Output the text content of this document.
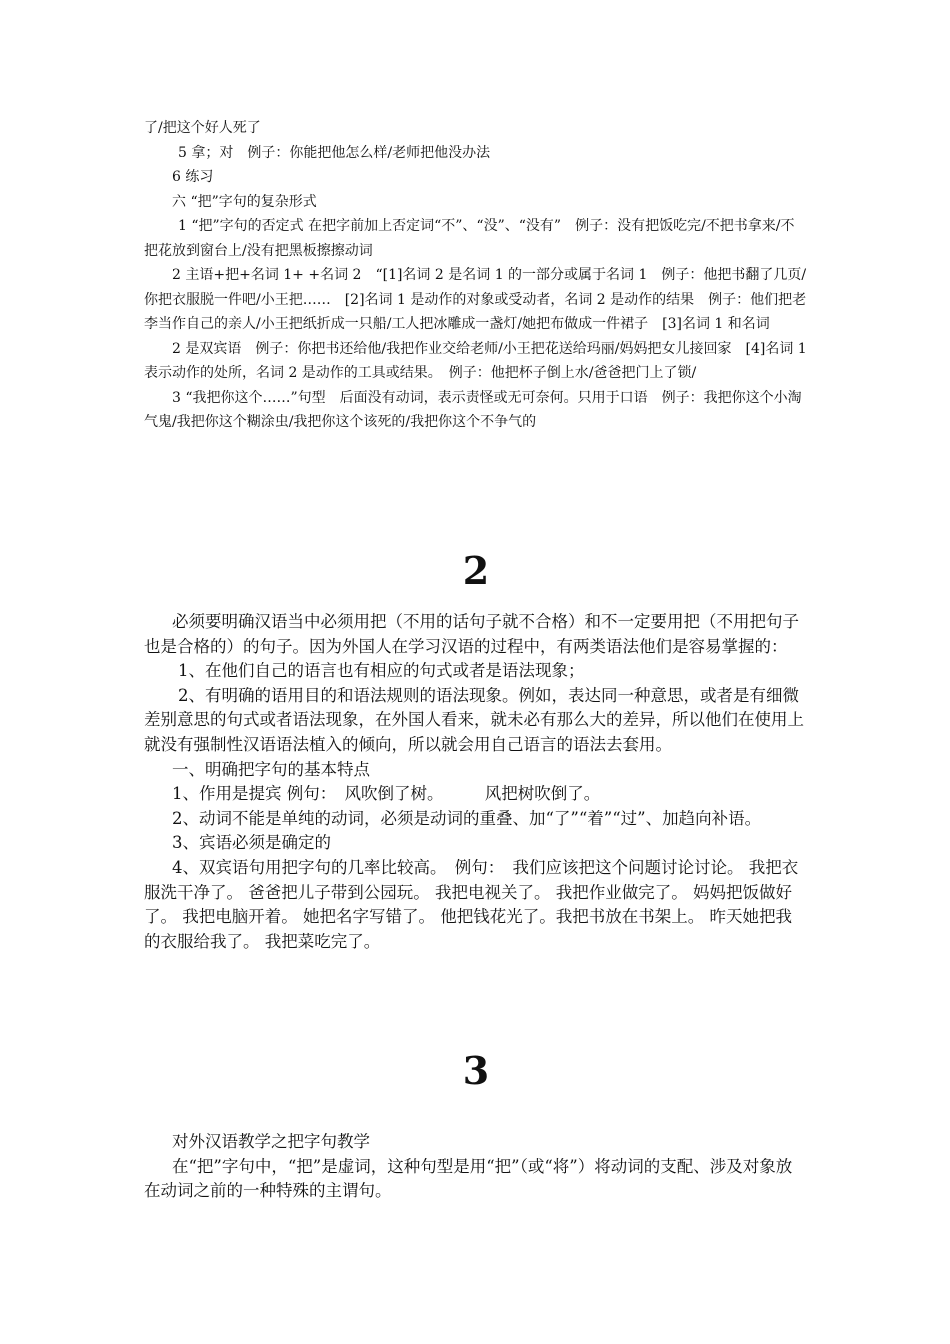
了/把这个好人死了

5 拿；对　例子：你能把他怎么样/老师把他没办法

6 练习

六 “把”字句的复杂形式

1 “把”字句的否定式 在把字前加上否定词“不”、“没”、“没有”　例子：没有把饭吃完/不把书拿来/不把花放到窗台上/没有把黑板擦擦动词

2 主语+把+名词 1+ +名词 2　“[1]名词 2 是名词 1 的一部分或属于名词 1　例子：他把书翻了几页/你把衣服脱一件吧/小王把……　[2]名词 1 是动作的对象或受动者，名词 2 是动作的结果　例子：他们把老李当作自己的亲人/小王把纸折成一只船/工人把冰雕成一盏灯/她把布做成一件裙子　[3]名词 1 和名词

2 是双宾语　例子：你把书还给他/我把作业交给老师/小王把花送给玛丽/妈妈把女儿接回家　[4]名词 1 表示动作的处所，名词 2 是动作的工具或结果。　例子：他把杯子倒上水/爸爸把门上了锁/

3 “我把你这个……”句型　后面没有动词，表示责怪或无可奈何。只用于口语　例子：我把你这个小淘气鬼/我把你这个糊涂虫/我把你这个该死的/我把你这个不争气的

2

必须要明确汉语当中必须用把（不用的话句子就不合格）和不一定要用把（不用把句子也是合格的）的句子。因为外国人在学习汉语的过程中，有两类语法他们是容易掌握的：

1、在他们自己的语言也有相应的句式或者是语法现象；

2、有明确的语用目的和语法规则的语法现象。例如，表达同一种意思，或者是有细微差别意思的句式或者语法现象，在外国人看来，就未必有那么大的差异，所以他们在使用上就没有强制性汉语语法植入的倾向，所以就会用自己语言的语法去套用。

一、明确把字句的基本特点

1、作用是提宾 例句：　风吹倒了树。　　　风把树吹倒了。

2、动词不能是单纯的动词，必须是动词的重叠、加“了”“着”“过”、加趋向补语。

3、宾语必须是确定的

4、双宾语句用把字句的几率比较高。　例句：　我们应该把这个问题讨论讨论。 我把衣服洗干净了。 爸爸把儿子带到公园玩。 我把电视关了。 我把作业做完了。 妈妈把饭做好了。 我把电脑开着。 她把名字写错了。 他把钱花光了。我把书放在书架上。 昨天她把我的衣服给我了。 我把菜吃完了。

3

对外汉语教学之把字句教学

在“把”字句中，“把”是虚词，这种句型是用“把”（或“将”）将动词的支配、涉及对象放在动词之前的一种特殊的主谓句。
